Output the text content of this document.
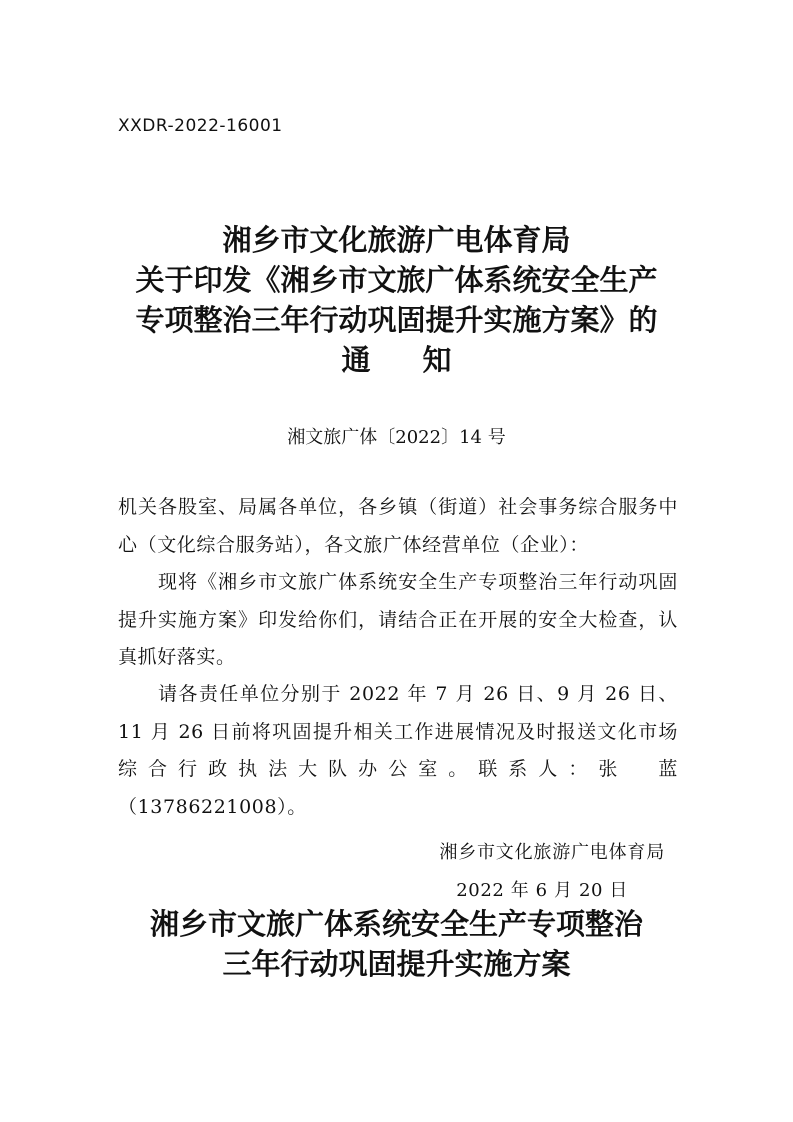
XXDR-2022-16001
湘乡市文化旅游广电体育局
关于印发《湘乡市文旅广体系统安全生产
专项整治三年行动巩固提升实施方案》的
通 知
湘文旅广体〔2022〕14 号
机关各股室、局属各单位，各乡镇（街道）社会事务综合服务中心（文化综合服务站），各文旅广体经营单位（企业）：
现将《湘乡市文旅广体系统安全生产专项整治三年行动巩固提升实施方案》印发给你们，请结合正在开展的安全大检查，认真抓好落实。
请各责任单位分别于 2022 年 7 月 26 日、9 月 26 日、11 月 26 日前将巩固提升相关工作进展情况及时报送文化市场综合行政执法大队办公室。联系人：张　蓝（13786221008）。
湘乡市文化旅游广电体育局
2022 年 6 月 20 日
湘乡市文旅广体系统安全生产专项整治
三年行动巩固提升实施方案
